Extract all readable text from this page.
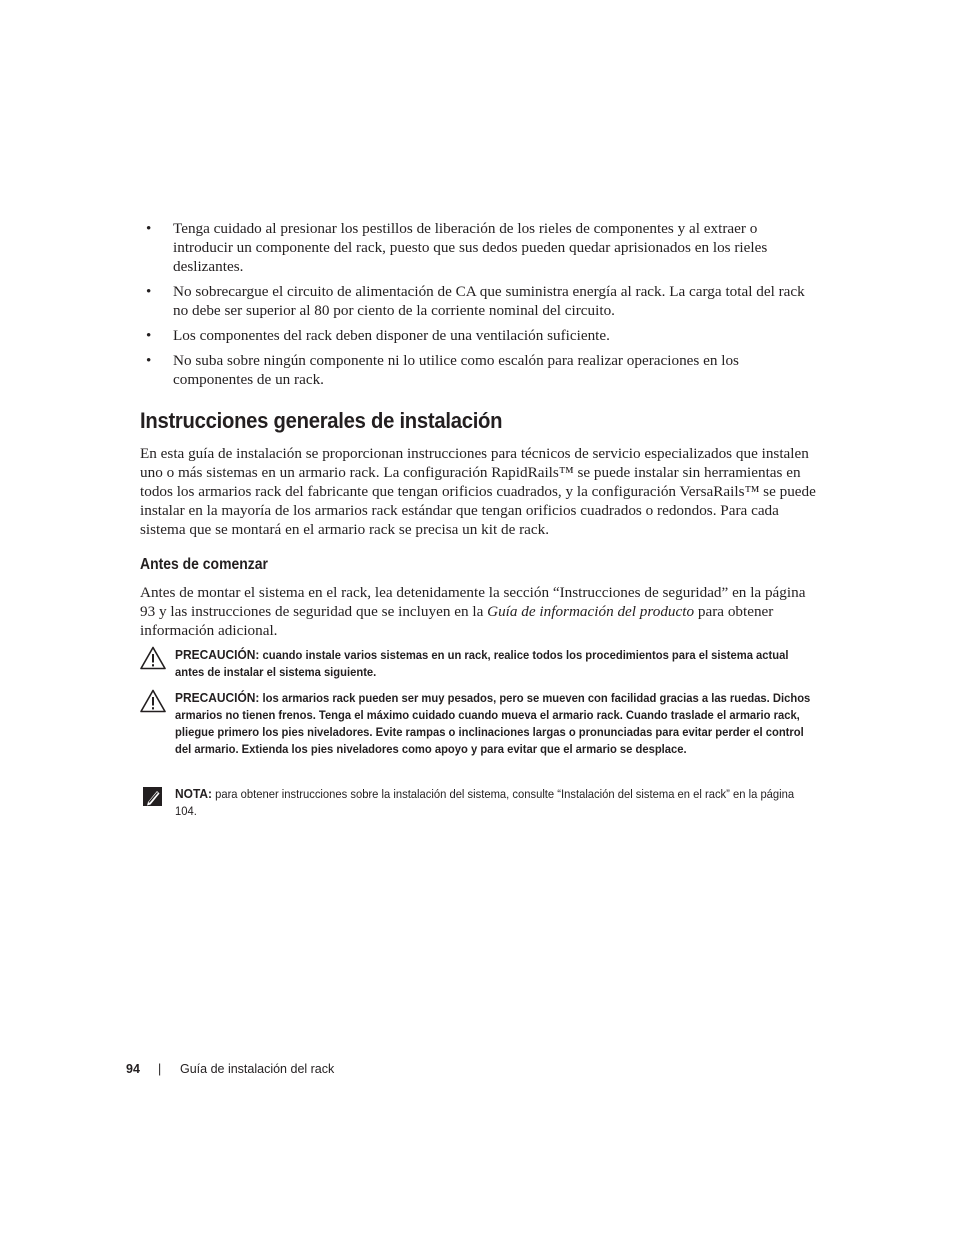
• Tenga cuidado al presionar los pestillos de liberación de los rieles de componentes y al extraer o introducir un componente del rack, puesto que sus dedos pueden quedar aprisionados en los rieles deslizantes.
• No sobrecargue el circuito de alimentación de CA que suministra energía al rack. La carga total del rack no debe ser superior al 80 por ciento de la corriente nominal del circuito.
• Los componentes del rack deben disponer de una ventilación suficiente.
• No suba sobre ningún componente ni lo utilice como escalón para realizar operaciones en los componentes de un rack.
Instrucciones generales de instalación

En esta guía de instalación se proporcionan instrucciones para técnicos de servicio especializados que instalen uno o más sistemas en un armario rack. La configuración RapidRails™ se puede instalar sin herramientas en todos los armarios rack del fabricante que tengan orificios cuadrados, y la configuración VersaRails™ se puede instalar en la mayoría de los armarios rack estándar que tengan orificios cuadrados o redondos. Para cada sistema que se montará en el armario rack se precisa un kit de rack.

Antes de comenzar

Antes de montar el sistema en el rack, lea detenidamente la sección “Instrucciones de seguridad” en la página 93 y las instrucciones de seguridad que se incluyen en la Guía de información del producto para obtener información adicional.

PRECAUCIÓN: cuando instale varios sistemas en un rack, realice todos los procedimientos para el sistema actual antes de instalar el sistema siguiente.
PRECAUCIÓN: los armarios rack pueden ser muy pesados, pero se mueven con facilidad gracias a las ruedas. Dichos armarios no tienen frenos. Tenga el máximo cuidado cuando mueva el armario rack. Cuando traslade el armario rack, pliegue primero los pies niveladores. Evite rampas o inclinaciones largas o pronunciadas para evitar perder el control del armario. Extienda los pies niveladores como apoyo y para evitar que el armario se desplace.
NOTA: para obtener instrucciones sobre la instalación del sistema, consulte “Instalación del sistema en el rack” en la página 104.
94 | Guía de instalación del rack
